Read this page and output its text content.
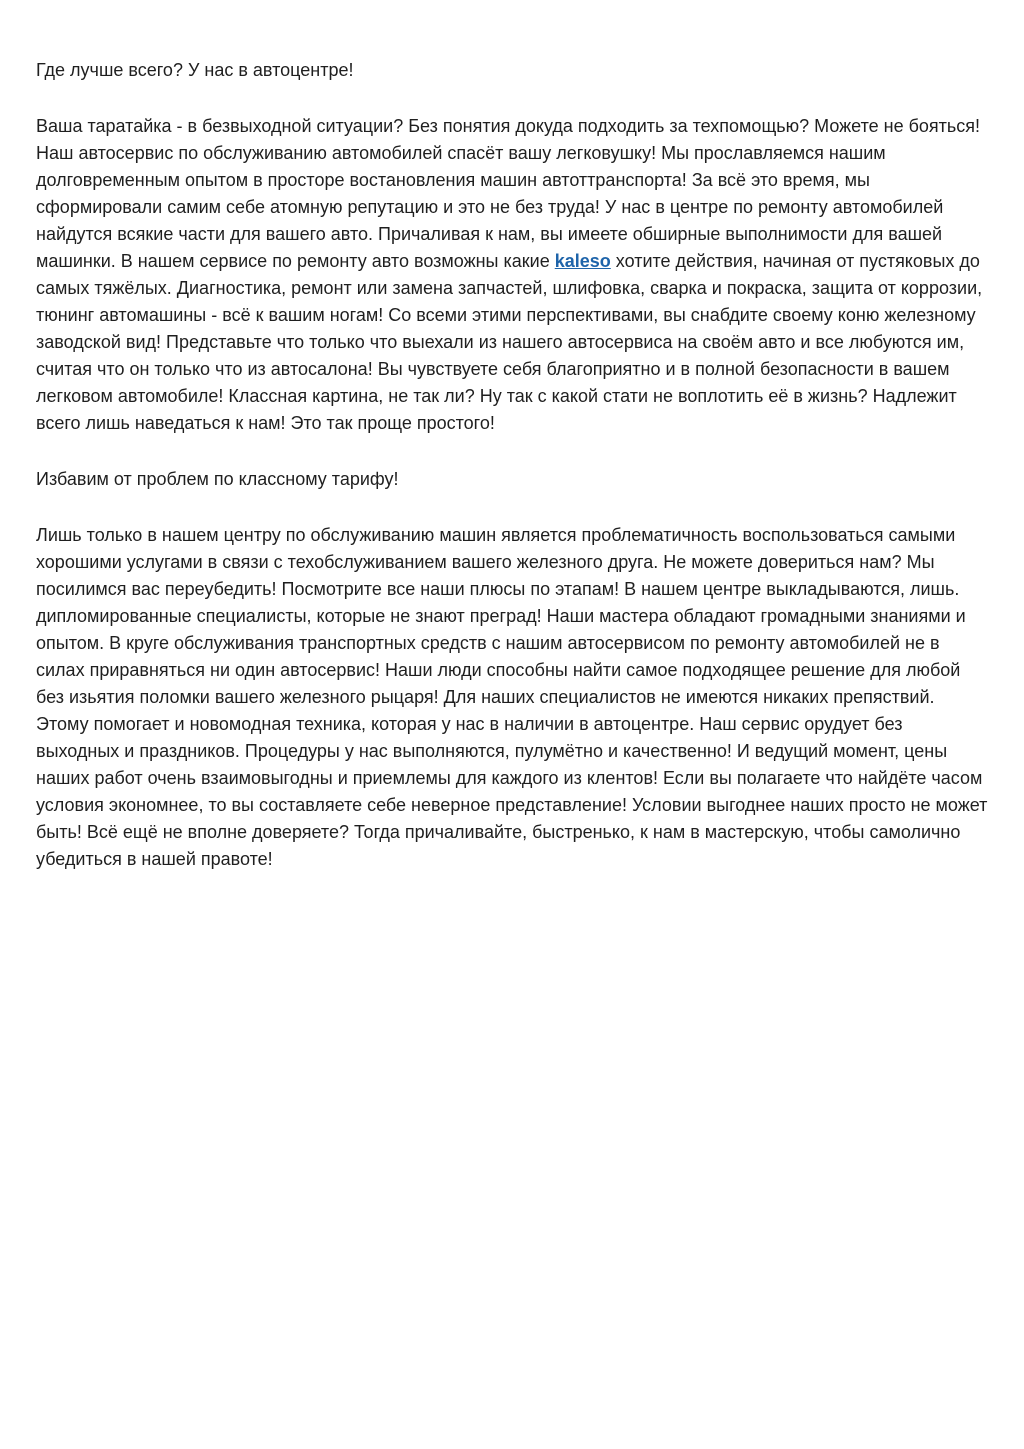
Где лучше всего? У нас в автоцентре!

Ваша таратайка - в безвыходной ситуации? Без понятия докуда подходить за техпомощью? Можете не бояться! Наш автосервис по обслуживанию автомобилей спасёт вашу легковушку! Мы прославляемся нашим долговременным опытом в просторе востановления машин автоттранспорта! За всё это время, мы сформировали самим себе атомную репутацию и это не без труда! У нас в центре по ремонту автомобилей найдутся всякие части для вашего авто. Причаливая к нам, вы имеете обширные выполнимости для вашей машинки. В нашем сервисе по ремонту авто возможны какие kaleso хотите действия, начиная от пустяковых до самых тяжёлых. Диагностика, ремонт или замена запчастей, шлифовка, сварка и покраска, защита от коррозии, тюнинг автомашины - всё к вашим ногам! Со всеми этими перспективами, вы снабдите своему коню железному заводской вид! Представьте что только что выехали из нашего автосервиса на своём авто и все любуются им, считая что он только что из автосалона! Вы чувствуете себя благоприятно и в полной безопасности в вашем легковом автомобиле! Классная картина, не так ли? Ну так с какой стати не воплотить её в жизнь? Надлежит всего лишь наведаться к нам! Это так проще простого!

Избавим от проблем по классному тарифу!

Лишь только в нашем центру по обслуживанию машин является проблематичность воспользоваться самыми хорошими услугами в связи с техобслуживанием вашего железного друга. Не можете довериться нам? Мы посилимся вас переубедить! Посмотрите все наши плюсы по этапам! В нашем центре выкладываются, лишь. дипломированные специалисты, которые не знают преград! Наши мастера обладают громадными знаниями и опытом. В круге обслуживания транспортных средств с нашим автосервисом по ремонту автомобилей не в силах приравняться ни один автосервис! Наши люди способны найти самое подходящее решение для любой без изьятия поломки вашего железного рыцаря! Для наших специалистов не имеются никаких препяствий. Этому помогает и новомодная техника, которая у нас в наличии в автоцентре. Наш сервис орудует без выходных и праздников. Процедуры у нас выполняются, пулумётно и качественно! И ведущий момент, цены наших работ очень взаимовыгодны и приемлемы для каждого из клентов! Если вы полагаете что найдёте часом условия экономнее, то вы составляете себе неверное представление! Условии выгоднее наших просто не может быть! Всё ещё не вполне доверяете? Тогда причаливайте, быстренько, к нам в мастерскую, чтобы самолично убедиться в нашей правоте!
